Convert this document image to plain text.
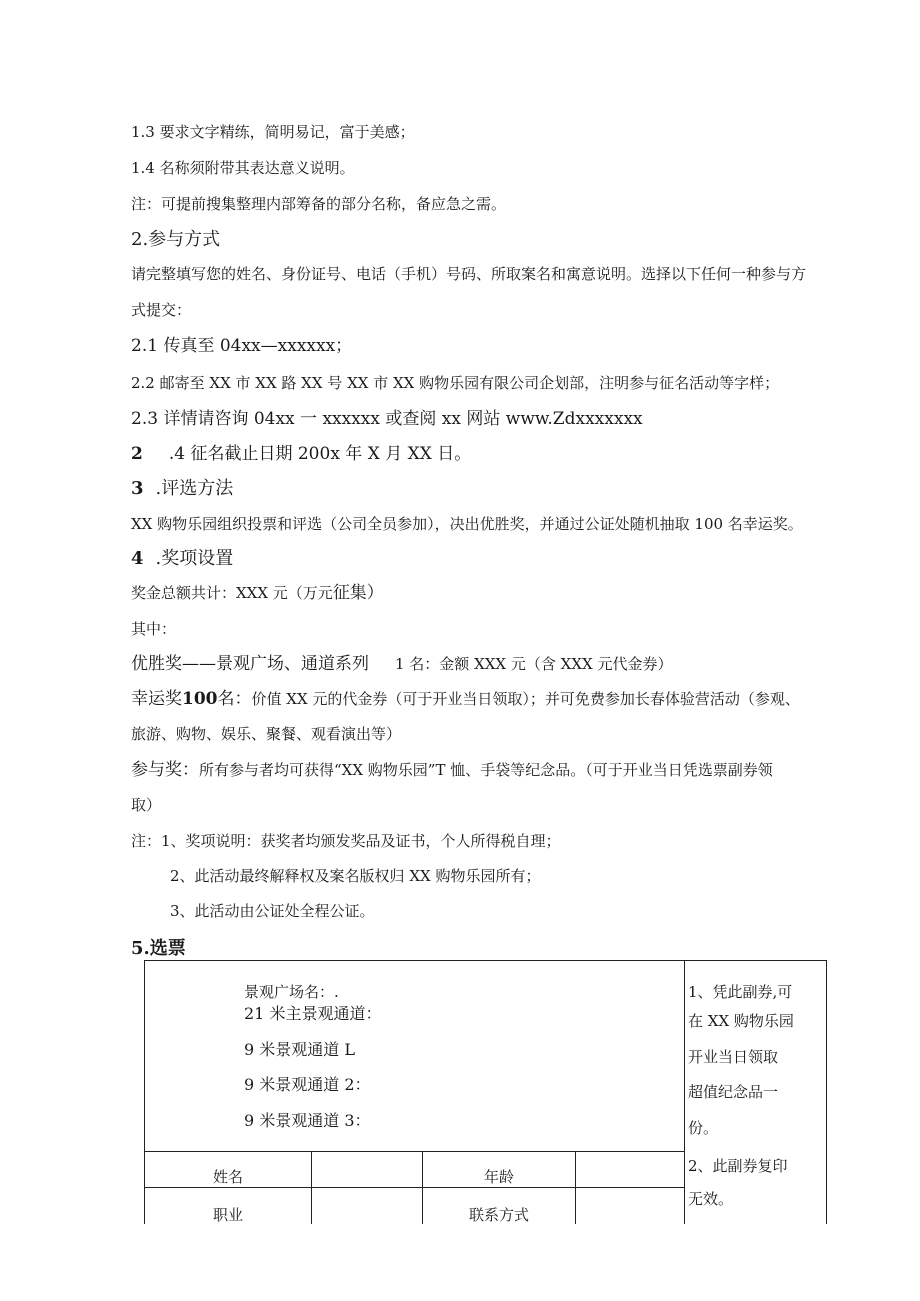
1.3 要求文字精练，简明易记，富于美感；
1.4 名称须附带其表达意义说明。
注：可提前搜集整理内部筹备的部分名称，备应急之需。
2.参与方式
请完整填写您的姓名、身份证号、电话（手机）号码、所取案名和寓意说明。选择以下任何一种参与方
式提交：
2.1 传真至 04xx—xxxxxx；
2.2 邮寄至 XX 市 XX 路 XX 号 XX 市 XX 购物乐园有限公司企划部，注明参与征名活动等字样；
2.3 详情请咨询 04xx 一 xxxxxx 或查阅 xx 网站 www.Zdxxxxxxx
2 .4 征名截止日期 200x 年 X 月 XX 日。
3 .评选方法
XX 购物乐园组织投票和评选（公司全员参加），决出优胜奖，并通过公证处随机抽取 100 名幸运奖。
4 .奖项设置
奖金总额共计：XXX 元（万元征集）
其中：
优胜奖——景观广场、通道系列 1 名：金额 XXX 元（含 XXX 元代金券）
幸运奖100名：价值 XX 元的代金券（可于开业当日领取）；并可免费参加长春体验营活动（参观、
旅游、购物、娱乐、聚餐、观看演出等）
参与奖：所有参与者均可获得“XX 购物乐园”T 恤、手袋等纪念品。（可于开业当日凭选票副券领
取）
注：1、奖项说明：获奖者均颁发奖品及证书，个人所得税自理；
2、此活动最终解释权及案名版权归 XX 购物乐园所有；
3、此活动由公证处全程公证。
5.选票
景观广场名：.
21 米主景观通道：
9 米景观通道 L
9 米景观通道 2：
9 米景观通道 3：
姓名	年龄
职业	联系方式
1、凭此副券,可
在 XX 购物乐园
开业当日领取
超值纪念品一
份。
2、此副券复印
无效。
